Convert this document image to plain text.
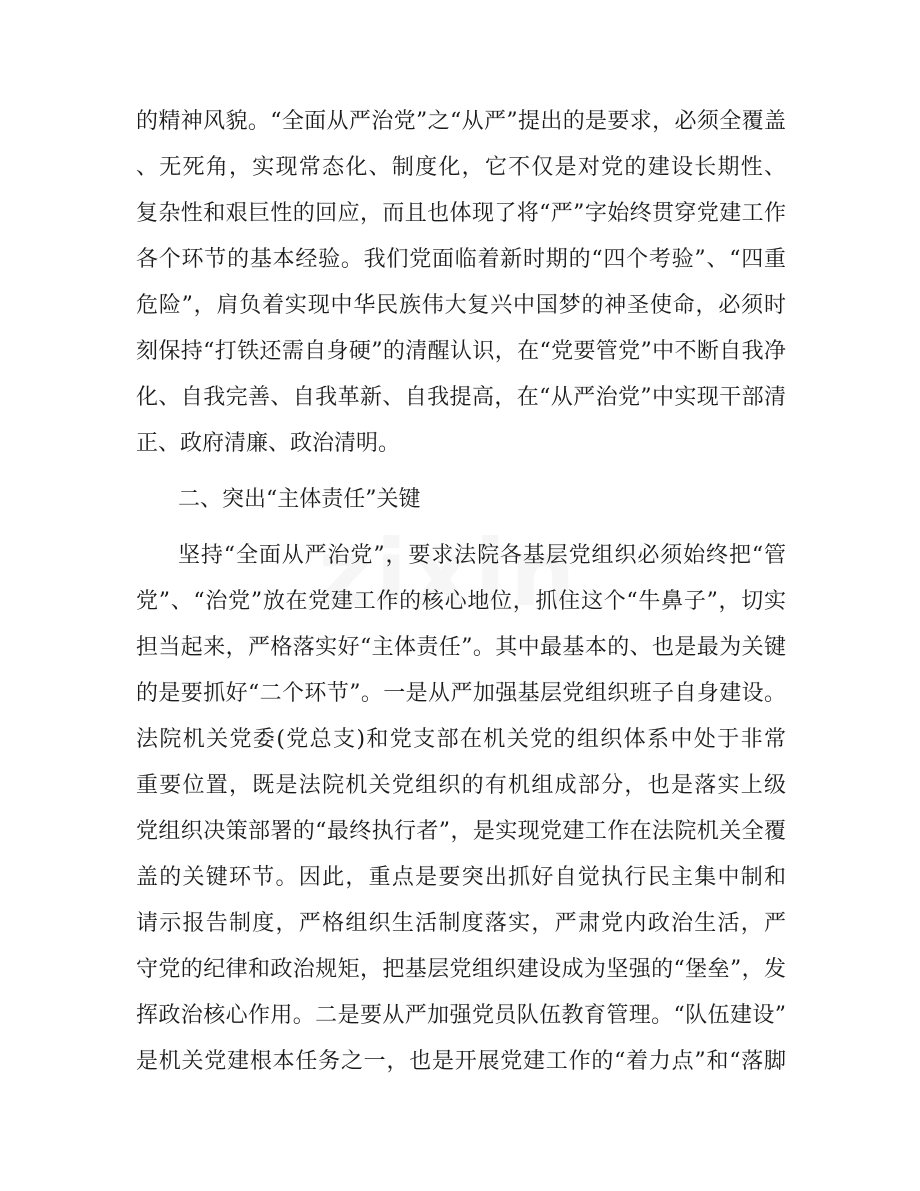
的精神风貌。“全面从严治党”之“从严”提出的是要求，必须全覆盖
、无死角，实现常态化、制度化，它不仅是对党的建设长期性、
复杂性和艰巨性的回应，而且也体现了将“严”字始终贯穿党建工作
各个环节的基本经验。我们党面临着新时期的“四个考验”、“四重
危险”，肩负着实现中华民族伟大复兴中国梦的神圣使命，必须时
刻保持“打铁还需自身硬”的清醒认识，在“党要管党”中不断自我净
化、自我完善、自我革新、自我提高，在“从严治党”中实现干部清
正、政府清廉、政治清明。
二、突出“主体责任”关键
坚持“全面从严治党”，要求法院各基层党组织必须始终把“管
党”、“治党”放在党建工作的核心地位，抓住这个“牛鼻子”，切实
担当起来，严格落实好“主体责任”。其中最基本的、也是最为关键
的是要抓好“二个环节”。一是从严加强基层党组织班子自身建设。
法院机关党委(党总支)和党支部在机关党的组织体系中处于非常
重要位置，既是法院机关党组织的有机组成部分，也是落实上级
党组织决策部署的“最终执行者”，是实现党建工作在法院机关全覆
盖的关键环节。因此，重点是要突出抓好自觉执行民主集中制和
请示报告制度，严格组织生活制度落实，严肃党内政治生活，严
守党的纪律和政治规矩，把基层党组织建设成为坚强的“堡垒”，发
挥政治核心作用。二是要从严加强党员队伍教育管理。“队伍建设”
是机关党建根本任务之一，也是开展党建工作的“着力点”和“落脚
